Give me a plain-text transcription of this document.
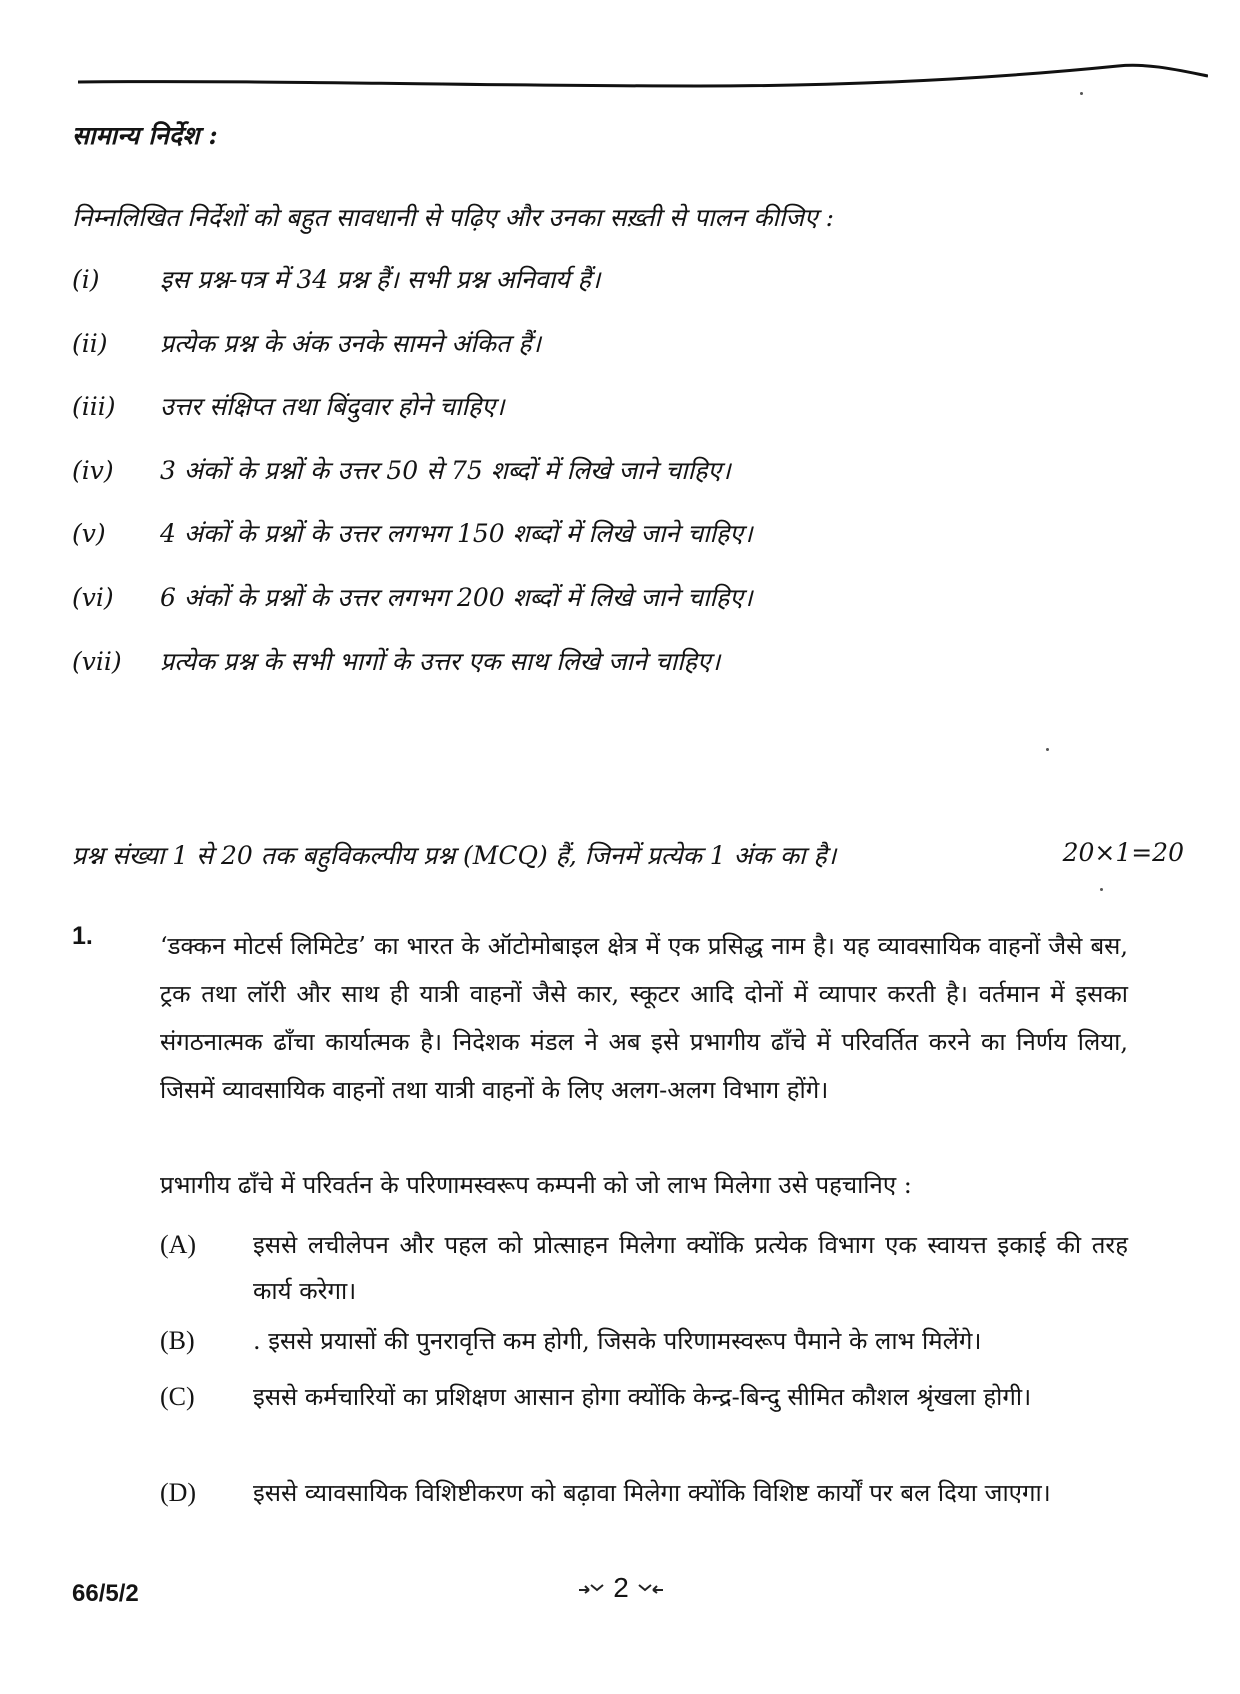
सामान्य निर्देश :
निम्नलिखित निर्देशों को बहुत सावधानी से पढ़िए और उनका सख़्ती से पालन कीजिए :
(i)	इस प्रश्न-पत्र में 34 प्रश्न हैं। सभी प्रश्न अनिवार्य हैं।
(ii)	प्रत्येक प्रश्न के अंक उनके सामने अंकित हैं।
(iii)	उत्तर संक्षिप्त तथा बिंदुवार होने चाहिए।
(iv)	3 अंकों के प्रश्नों के उत्तर 50 से 75 शब्दों में लिखे जाने चाहिए।
(v)	4 अंकों के प्रश्नों के उत्तर लगभग 150 शब्दों में लिखे जाने चाहिए।
(vi)	6 अंकों के प्रश्नों के उत्तर लगभग 200 शब्दों में लिखे जाने चाहिए।
(vii)	प्रत्येक प्रश्न के सभी भागों के उत्तर एक साथ लिखे जाने चाहिए।
प्रश्न संख्या 1 से 20 तक बहुविकल्पीय प्रश्न (MCQ) हैं, जिनमें प्रत्येक 1 अंक का है।	20×1=20
1.	‘डक्कन मोटर्स लिमिटेड’ का भारत के ऑटोमोबाइल क्षेत्र में एक प्रसिद्ध नाम है। यह व्यावसायिक वाहनों जैसे बस, ट्रक तथा लॉरी और साथ ही यात्री वाहनों जैसे कार, स्कूटर आदि दोनों में व्यापार करती है। वर्तमान में इसका संगठनात्मक ढाँचा कार्यात्मक है। निदेशक मंडल ने अब इसे प्रभागीय ढाँचे में परिवर्तित करने का निर्णय लिया, जिसमें व्यावसायिक वाहनों तथा यात्री वाहनों के लिए अलग-अलग विभाग होंगे।

प्रभागीय ढाँचे में परिवर्तन के परिणामस्वरूप कम्पनी को जो लाभ मिलेगा उसे पहचानिए :
(A)	इससे लचीलेपन और पहल को प्रोत्साहन मिलेगा क्योंकि प्रत्येक विभाग एक स्वायत्त इकाई की तरह कार्य करेगा।
(B)	. इससे प्रयासों की पुनरावृत्ति कम होगी, जिसके परिणामस्वरूप पैमाने के लाभ मिलेंगे।
(C)	इससे कर्मचारियों का प्रशिक्षण आसान होगा क्योंकि केन्द्र-बिन्दु सीमित कौशल श्रृंखला होगी।
(D)	इससे व्यावसायिक विशिष्टीकरण को बढ़ावा मिलेगा क्योंकि विशिष्ट कार्यों पर बल दिया जाएगा।
66/5/2	2
